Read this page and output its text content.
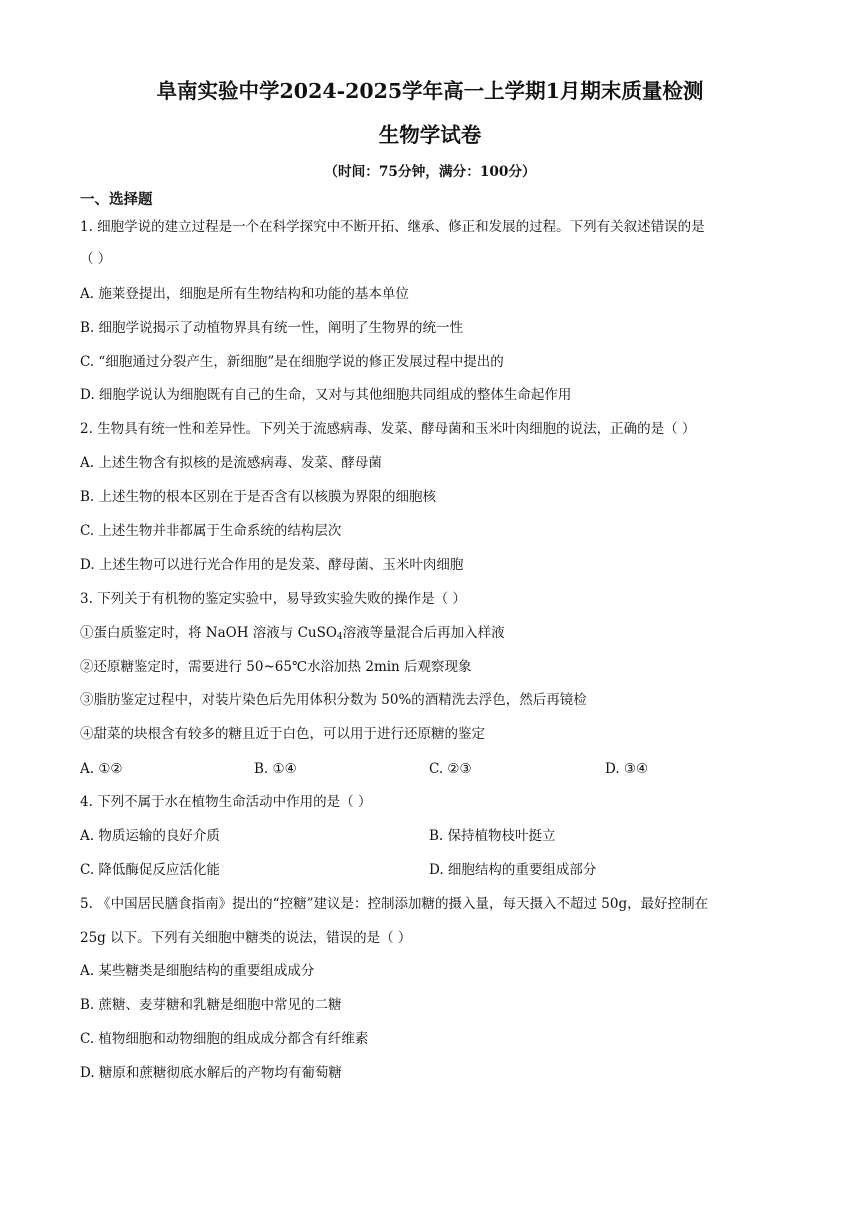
阜南实验中学2024-2025学年高一上学期1月期末质量检测
生物学试卷
（时间：75分钟，满分：100分）
一、选择题
1. 细胞学说的建立过程是一个在科学探究中不断开拓、继承、修正和发展的过程。下列有关叙述错误的是
（ ）
A. 施莱登提出，细胞是所有生物结构和功能的基本单位
B. 细胞学说揭示了动植物界具有统一性，阐明了生物界的统一性
C. “细胞通过分裂产生，新细胞”是在细胞学说的修正发展过程中提出的
D. 细胞学说认为细胞既有自己的生命，又对与其他细胞共同组成的整体生命起作用
2. 生物具有统一性和差异性。下列关于流感病毒、发菜、酵母菌和玉米叶肉细胞的说法，正确的是（ ）
A. 上述生物含有拟核的是流感病毒、发菜、酵母菌
B. 上述生物的根本区别在于是否含有以核膜为界限的细胞核
C. 上述生物并非都属于生命系统的结构层次
D. 上述生物可以进行光合作用的是发菜、酵母菌、玉米叶肉细胞
3. 下列关于有机物的鉴定实验中，易导致实验失败的操作是（ ）
①蛋白质鉴定时，将 NaOH 溶液与 CuSO$_4$溶液等量混合后再加入样液
②还原糖鉴定时，需要进行 50~65℃水浴加热 2min 后观察现象
③脂肪鉴定过程中，对装片染色后先用体积分数为 50%的酒精洗去浮色，然后再镜检
④甜菜的块根含有较多的糖且近于白色，可以用于进行还原糖的鉴定
A. ①②	B. ①④	C. ②③	D. ③④
4. 下列不属于水在植物生命活动中作用的是（ ）
A. 物质运输的良好介质	B. 保持植物枝叶挺立
C. 降低酶促反应活化能	D. 细胞结构的重要组成部分
5. 《中国居民膳食指南》提出的“控糖”建议是：控制添加糖的摄入量，每天摄入不超过 50g，最好控制在
25g 以下。下列有关细胞中糖类的说法，错误的是（ ）
A. 某些糖类是细胞结构的重要组成成分
B. 蔗糖、麦芽糖和乳糖是细胞中常见的二糖
C. 植物细胞和动物细胞的组成成分都含有纤维素
D. 糖原和蔗糖彻底水解后的产物均有葡萄糖
